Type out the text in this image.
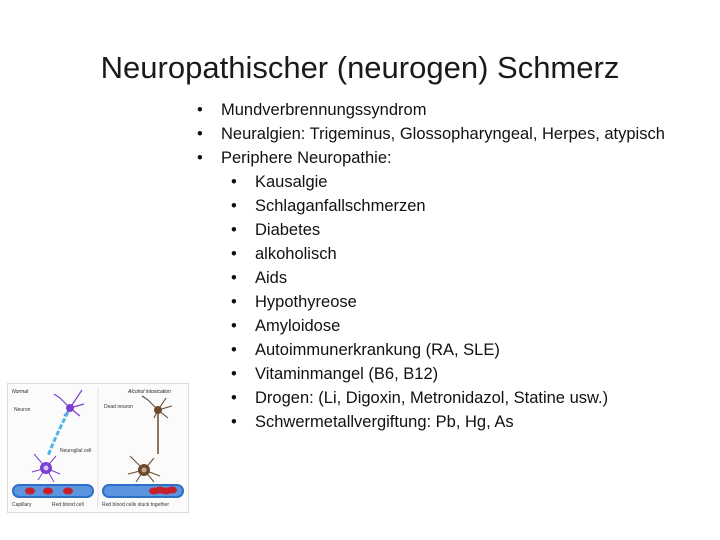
Neuropathischer (neurogen) Schmerz
• Mundverbrennungssyndrom
• Neuralgien: Trigeminus, Glossopharyngeal, Herpes, atypisch
• Periphere Neuropathie:
• Kausalgie
• Schlaganfallschmerzen
• Diabetes
• alkoholisch
• Aids
• Hypothyreose
• Amyloidose
• Autoimmunerkrankung (RA, SLE)
• Vitaminmangel (B6, B12)
• Drogen: (Li, Digoxin, Metronidazol, Statine usw.)
• Schwermetallvergiftung: Pb, Hg, As
Normal
Neuron
Neuroglial cell
Capillary	Red blood cell
Alcohol intoxication
Dead neuron
Red blood cells stuck together
